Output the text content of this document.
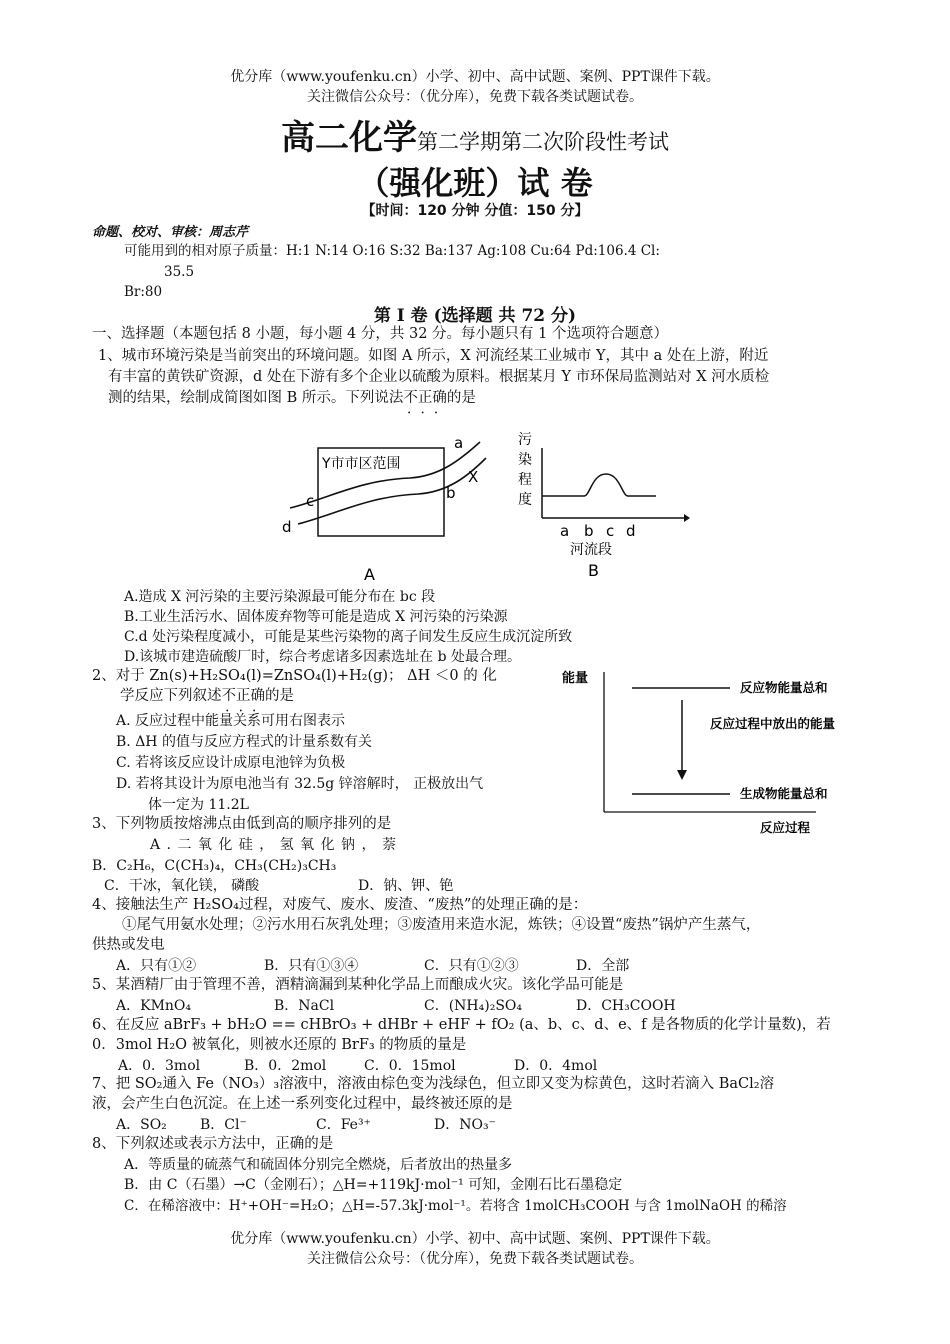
优分库（www.youfenku.cn）小学、初中、高中试题、案例、PPT课件下载。
关注微信公众号：（优分库），免费下载各类试题试卷。
高二化学第二学期第二次阶段性考试
（强化班）试 卷
【时间：120 分钟 分值：150 分】
命题、校对、审核：周志芹
可能用到的相对原子质量：H:1 N:14 O:16 S:32 Ba:137 Ag:108 Cu:64 Pd:106.4 Cl:
35.5
Br:80
第 I 卷 (选择题 共 72 分)
一、选择题（本题包括 8 小题，每小题 4 分，共 32 分。每小题只有 1 个选项符合题意）
1、城市环境污染是当前突出的环境问题。如图 A 所示，X 河流经某工业城市 Y，其中 a 处在上游，附近
有丰富的黄铁矿资源，d 处在下游有多个企业以硫酸为原料。根据某月 Y 市环保局监测站对 X 河水质检
测的结果，绘制成简图如图 B 所示。下列说法不正确 • • •的是
Y市市区范围
X
a
b
c
d
A
污
染
程
度
a b c d
河流段
B
A.造成 X 河污染的主要污染源最可能分布在 bc 段
B.工业生活污水、固体废弃物等可能是造成 X 河污染的污染源
C.d 处污染程度减小，可能是某些污染物的离子间发生反应生成沉淀所致
D.该城市建造硫酸厂时，综合考虑诸多因素选址在 b 处最合理。
2、对于 Zn(s)+H₂SO₄(l)=ZnSO₄(l)+H₂(g)； ΔH ＜0 的 化
学反应下列叙述不正确 • • •的是
A. 反应过程中能量关系可用右图表示
B. ΔH 的值与反应方程式的计量系数有关
C. 若将该反应设计成原电池锌为负极
D. 若将其设计为原电池当有 32.5g 锌溶解时， 正极放出气
体一定为 11.2L
能量
反应物能量总和
反应过程中放出的能量
生成物能量总和
反应过程
3、下列物质按熔沸点由低到高的顺序排列的是
A . 二 氧 化 硅 ， 氢 氧 化 钠 ， 萘
B．C₂H₆，C(CH₃)₄，CH₃(CH₂)₃CH₃
C．干冰，氧化镁， 磷酸	D．钠、钾、铯
4、接触法生产 H₂SO₄过程，对废气、废水、废渣、“废热”的处理正确的是：
①尾气用氨水处理；②污水用石灰乳处理；③废渣用来造水泥，炼铁；④设置“废热”锅炉产生蒸气，
供热或发电
A．只有①②	B．只有①③④	C．只有①②③	D．全部
5、某酒精厂由于管理不善，酒精滴漏到某种化学品上而酿成火灾。该化学品可能是
A．KMnO₄	B．NaCl	C．(NH₄)₂SO₄	D．CH₃COOH
6、在反应 aBrF₃ + bH₂O == cHBrO₃ + dHBr + eHF + fO₂ (a、b、c、d、e、f 是各物质的化学计量数)，若
0．3mol H₂O 被氧化，则被水还原的 BrF₃ 的物质的量是
A．0．3mol	B．0．2mol	C．0．15mol	D．0．4mol
7、把 SO₂通入 Fe（NO₃）₃溶液中，溶液由棕色变为浅绿色，但立即又变为棕黄色，这时若滴入 BaCl₂溶
液，会产生白色沉淀。在上述一系列变化过程中，最终被还原的是
A．SO₂ B．Cl⁻	C．Fe³⁺	D．NO₃⁻
8、下列叙述或表示方法中，正确的是
A．等质量的硫蒸气和硫固体分别完全燃烧，后者放出的热量多
B．由 C（石墨）→C（金刚石）；△H=+119kJ·mol⁻¹ 可知，金刚石比石墨稳定
C．在稀溶液中：H⁺+OH⁻=H₂O；△H=-57.3kJ·mol⁻¹。若将含 1molCH₃COOH 与含 1molNaOH 的稀溶
优分库（www.youfenku.cn）小学、初中、高中试题、案例、PPT课件下载。
关注微信公众号：（优分库），免费下载各类试题试卷。
